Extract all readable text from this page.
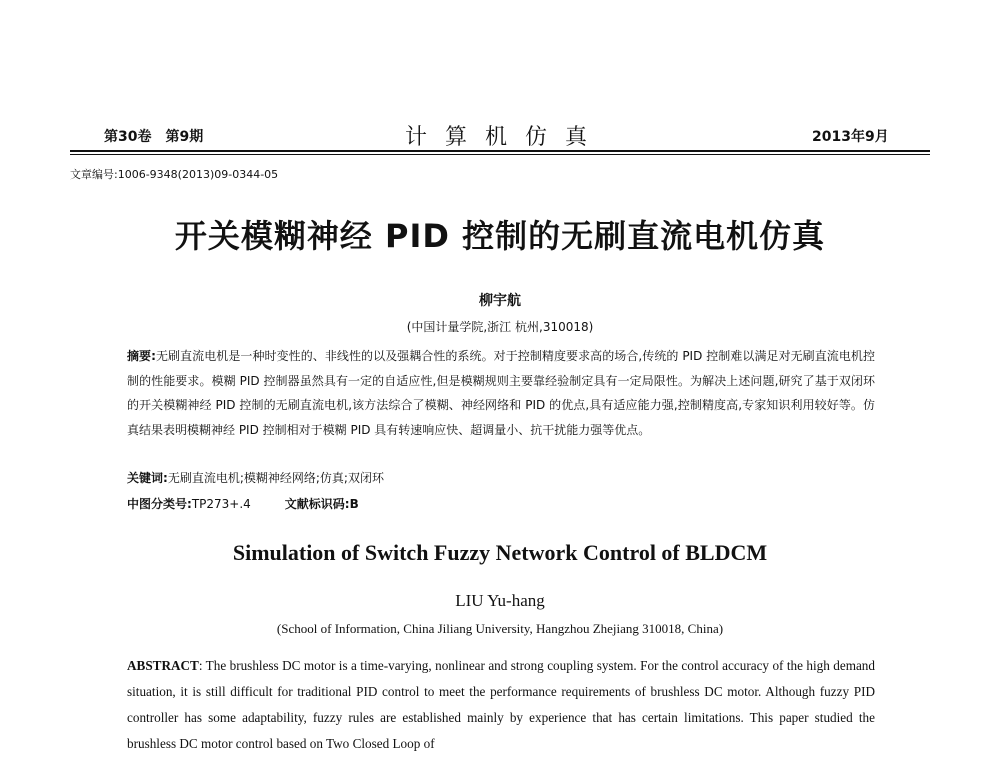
第30卷　第9期	计算机仿真	2013年9月
文章编号:1006-9348(2013)09-0344-05
开关模糊神经 PID 控制的无刷直流电机仿真
柳宇航
(中国计量学院,浙江 杭州,310018)
摘要:无刷直流电机是一种时变性的、非线性的以及强耦合性的系统。对于控制精度要求高的场合,传统的 PID 控制难以满足对无刷直流电机控制的性能要求。模糊 PID 控制器虽然具有一定的自适应性,但是模糊规则主要靠经验制定具有一定局限性。为解决上述问题,研究了基于双闭环的开关模糊神经 PID 控制的无刷直流电机,该方法综合了模糊、神经网络和 PID 的优点,具有适应能力强,控制精度高,专家知识利用较好等。仿真结果表明模糊神经 PID 控制相对于模糊 PID 具有转速响应快、超调量小、抗干扰能力强等优点。
关键词:无刷直流电机;模糊神经网络;仿真;双闭环
中图分类号:TP273+.4	文献标识码:B
Simulation of Switch Fuzzy Network Control of BLDCM
LIU Yu-hang
(School of Information, China Jiliang University, Hangzhou Zhejiang 310018, China)
ABSTRACT: The brushless DC motor is a time-varying, nonlinear and strong coupling system. For the control accuracy of the high demand situation, it is still difficult for traditional PID control to meet the performance requirements of brushless DC motor. Although fuzzy PID controller has some adaptability, fuzzy rules are established mainly by experience that has certain limitations. This paper studied the brushless DC motor control based on Two Closed Loop of
